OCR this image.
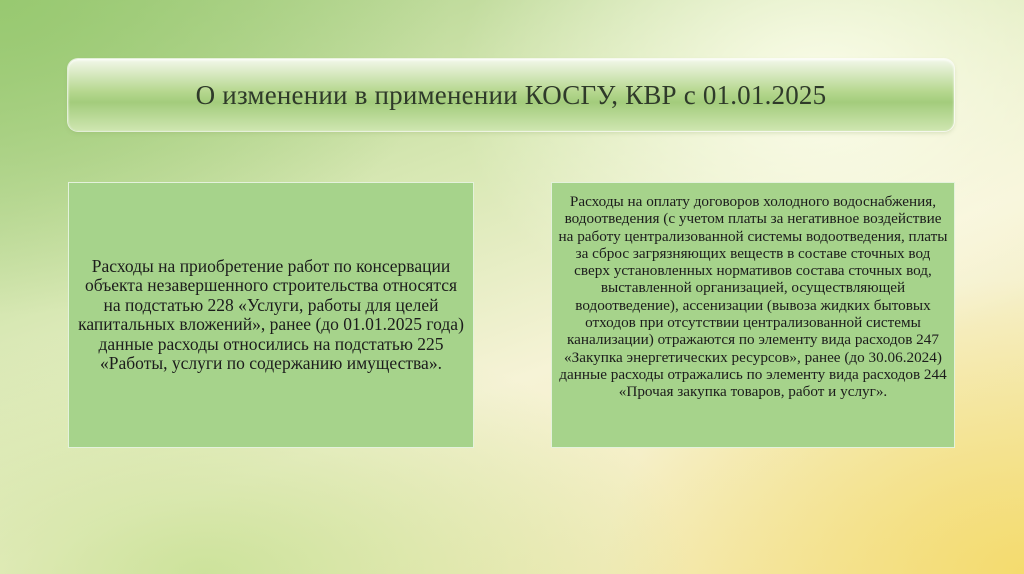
О изменении в применении КОСГУ, КВР с 01.01.2025
Расходы на приобретение работ по консервации объекта незавершенного строительства относятся на подстатью 228 «Услуги, работы для целей капитальных вложений», ранее (до 01.01.2025 года) данные расходы относились на подстатью 225 «Работы, услуги по содержанию имущества».
Расходы на оплату договоров холодного водоснабжения, водоотведения (с учетом платы за негативное воздействие на работу централизованной системы водоотведения, платы за сброс загрязняющих веществ в составе сточных вод сверх установленных нормативов состава сточных вод, выставленной организацией, осуществляющей водоотведение), ассенизации (вывоза жидких бытовых отходов при отсутствии централизованной системы канализации) отражаются по элементу вида расходов 247 «Закупка энергетических ресурсов», ранее (до 30.06.2024) данные расходы отражались по элементу вида расходов 244 «Прочая закупка товаров, работ и услуг».
